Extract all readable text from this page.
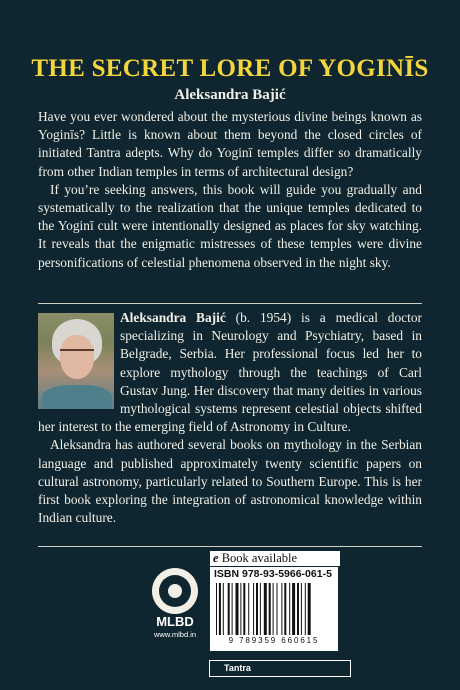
THE SECRET LORE OF YOGINĪS
Aleksandra Bajić

Have you ever wondered about the mysterious divine beings known as Yoginīs? Little is known about them beyond the closed circles of initiated Tantra adepts. Why do Yoginī temples differ so dramatically from other Indian temples in terms of architectural design?

If you’re seeking answers, this book will guide you gradually and systematically to the realization that the unique temples dedicated to the Yoginī cult were intentionally designed as places for sky watching. It reveals that the enigmatic mistresses of these temples were divine personifications of celestial phenomena observed in the night sky.

Aleksandra Bajić (b. 1954) is a medical doctor specializing in Neurology and Psychiatry, based in Belgrade, Serbia. Her professional focus led her to explore mythology through the teachings of Carl Gustav Jung. Her discovery that many deities in various mythological systems represent celestial objects shifted her interest to the emerging field of Astronomy in Culture.

Aleksandra has authored several books on mythology in the Serbian language and published approximately twenty scientific papers on cultural astronomy, particularly related to Southern Europe. This is her first book exploring the integration of astronomical knowledge within Indian culture.

MLBD
www.mlbd.in
e Book available
ISBN 978-93-5966-061-5
9 789359 660615
Tantra
